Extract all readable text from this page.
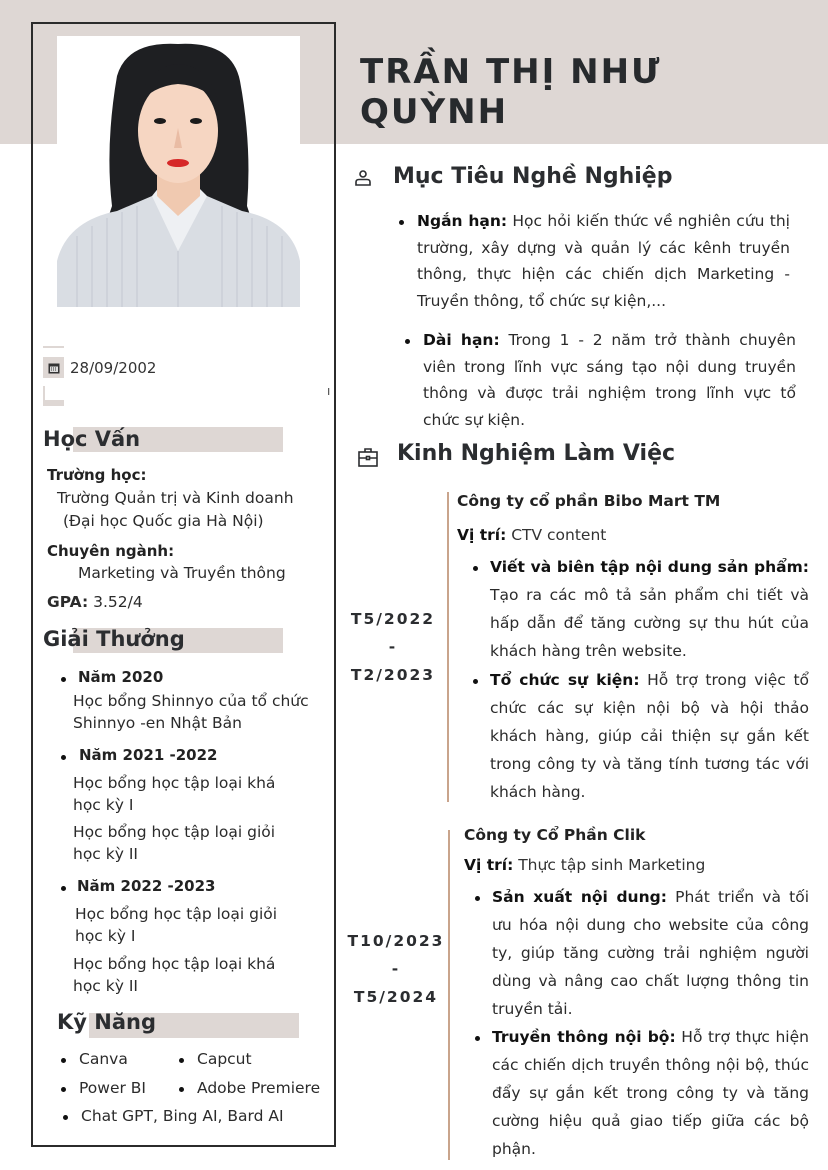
TRẦN THỊ NHƯ QUỲNH
28/09/2002
ı
Học Vấn
Trường học:
Trường Quản trị và Kinh doanh
(Đại học Quốc gia Hà Nội)
Chuyên ngành:
Marketing và Truyền thông
GPA: 3.52/4
Giải Thưởng
Năm 2020
Học bổng Shinnyo của tổ chức
Shinnyo -en Nhật Bản
Năm 2021 -2022
Học bổng học tập loại khá
học kỳ I
Học bổng học tập loại giỏi
học kỳ II
Năm 2022 -2023
Học bổng học tập loại giỏi
học kỳ I
Học bổng học tập loại khá
học kỳ II
Kỹ Năng
Canva	Capcut
Power BI	Adobe Premiere
Chat GPT, Bing AI, Bard AI
Mục Tiêu Nghề Nghiệp
Ngắn hạn: Học hỏi kiến thức về nghiên cứu thị trường, xây dựng và quản lý các kênh truyền thông, thực hiện các chiến dịch Marketing - Truyền thông, tổ chức sự kiện,...
Dài hạn: Trong 1 - 2 năm trở thành chuyên viên trong lĩnh vực sáng tạo nội dung truyền thông và được trải nghiệm trong lĩnh vực tổ chức sự kiện.
Kinh Nghiệm Làm Việc
T5/2022
-
T2/2023
Công ty cổ phần Bibo Mart TM
Vị trí: CTV content
Viết và biên tập nội dung sản phẩm: Tạo ra các mô tả sản phẩm chi tiết và hấp dẫn để tăng cường sự thu hút của khách hàng trên website.
Tổ chức sự kiện: Hỗ trợ trong việc tổ chức các sự kiện nội bộ và hội thảo khách hàng, giúp cải thiện sự gắn kết trong công ty và tăng tính tương tác với khách hàng.
T10/2023
-
T5/2024
Công ty Cổ Phần Clik
Vị trí: Thực tập sinh Marketing
Sản xuất nội dung: Phát triển và tối ưu hóa nội dung cho website của công ty, giúp tăng cường trải nghiệm người dùng và nâng cao chất lượng thông tin truyền tải.
Truyền thông nội bộ: Hỗ trợ thực hiện các chiến dịch truyền thông nội bộ, thúc đẩy sự gắn kết trong công ty và tăng cường hiệu quả giao tiếp giữa các bộ phận.
